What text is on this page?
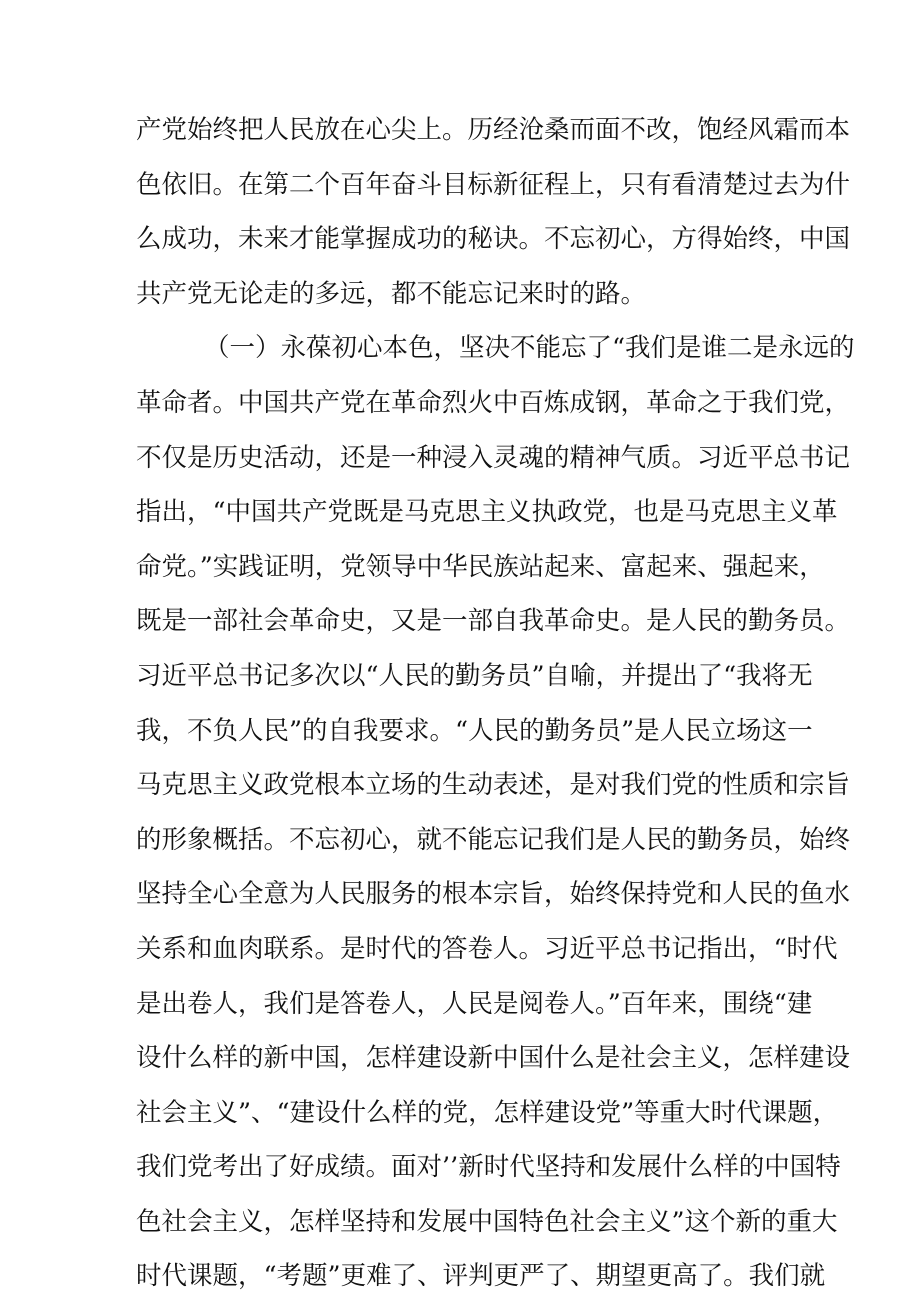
产党始终把人民放在心尖上。历经沧桑而面不改，饱经风霜而本
色依旧。在第二个百年奋斗目标新征程上，只有看清楚过去为什
么成功，未来才能掌握成功的秘诀。不忘初心，方得始终，中国
共产党无论走的多远，都不能忘记来时的路。
（一）永葆初心本色，坚决不能忘了“我们是谁二是永远的
革命者。中国共产党在革命烈火中百炼成钢，革命之于我们党，
不仅是历史活动，还是一种浸入灵魂的精神气质。习近平总书记
指出，“中国共产党既是马克思主义执政党，也是马克思主义革
命党。”实践证明，党领导中华民族站起来、富起来、强起来，
既是一部社会革命史，又是一部自我革命史。是人民的勤务员。
习近平总书记多次以“人民的勤务员”自喻，并提出了“我将无
我，不负人民”的自我要求。“人民的勤务员”是人民立场这一
马克思主义政党根本立场的生动表述，是对我们党的性质和宗旨
的形象概括。不忘初心，就不能忘记我们是人民的勤务员，始终
坚持全心全意为人民服务的根本宗旨，始终保持党和人民的鱼水
关系和血肉联系。是时代的答卷人。习近平总书记指出，“时代
是出卷人，我们是答卷人，人民是阅卷人。”百年来，围绕“建
设什么样的新中国，怎样建设新中国什么是社会主义，怎样建设
社会主义”、“建设什么样的党，怎样建设党”等重大时代课题，
我们党考出了好成绩。面对’’新时代坚持和发展什么样的中国特
色社会主义，怎样坚持和发展中国特色社会主义”这个新的重大
时代课题，“考题”更难了、评判更严了、期望更高了。我们就
